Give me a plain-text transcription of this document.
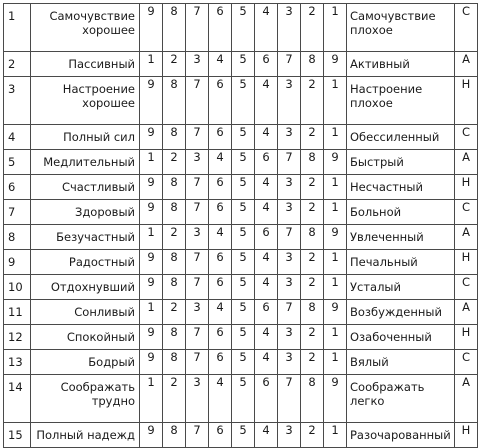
1	Самочувствие хорошее	9	8	7	6	5	4	3	2	1	Самочувствие плохое	С
2	Пассивный	1	2	3	4	5	6	7	8	9	Активный	А
3	Настроение хорошее	9	8	7	6	5	4	3	2	1	Настроение плохое	Н
4	Полный сил	9	8	7	6	5	4	3	2	1	Обессиленный	С
5	Медлительный	1	2	3	4	5	6	7	8	9	Быстрый	А
6	Счастливый	9	8	7	6	5	4	3	2	1	Несчастный	Н
7	Здоровый	9	8	7	6	5	4	3	2	1	Больной	С
8	Безучастный	1	2	3	4	5	6	7	8	9	Увлеченный	А
9	Радостный	9	8	7	6	5	4	3	2	1	Печальный	Н
10	Отдохнувший	9	8	7	6	5	4	3	2	1	Усталый	С
11	Сонливый	1	2	3	4	5	6	7	8	9	Возбужденный	А
12	Спокойный	9	8	7	6	5	4	3	2	1	Озабоченный	Н
13	Бодрый	9	8	7	6	5	4	3	2	1	Вялый	С
14	Соображать трудно	1	2	3	4	5	6	7	8	9	Соображать легко	А
15	Полный надежд	9	8	7	6	5	4	3	2	1	Разочарованный	Н
